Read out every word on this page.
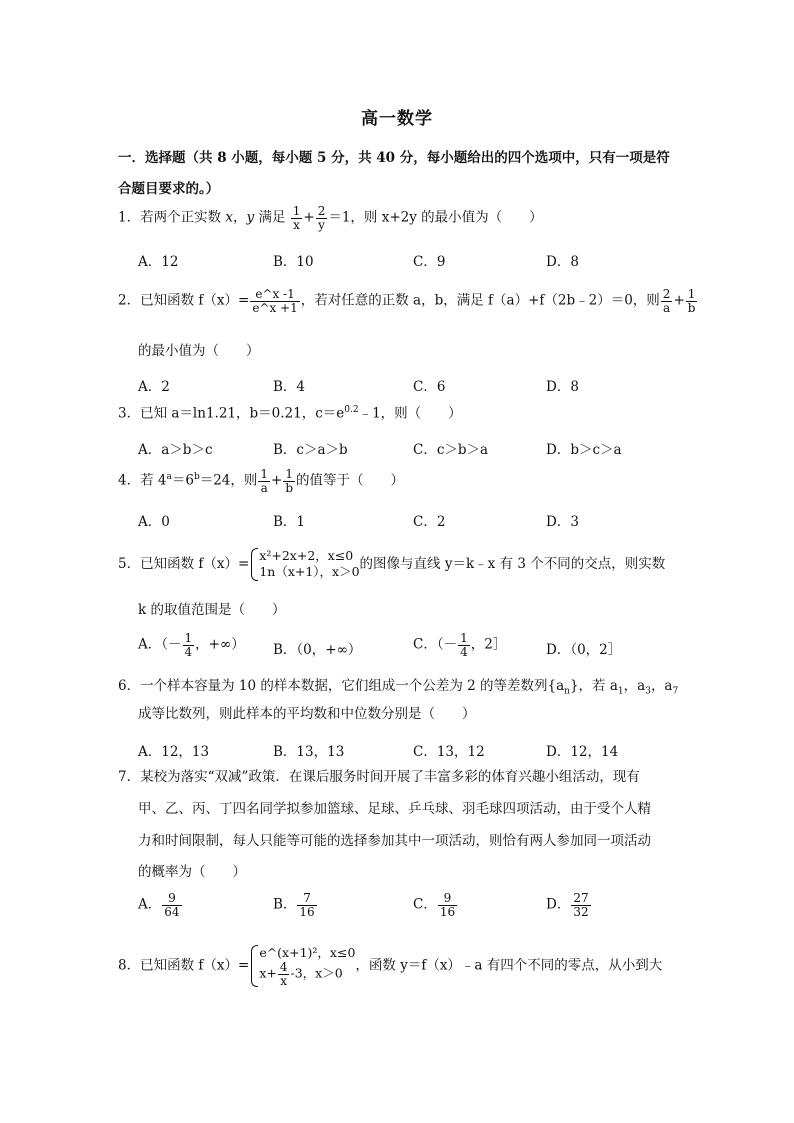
高一数学
一．选择题（共 8 小题，每小题 5 分，共 40 分，每小题给出的四个选项中，只有一项是符
合题目要求的。）
1．若两个正实数 x，y 满足 $\frac{1}{x} + \frac{2}{y} =1$，则 x+2y 的最小值为（　　）
A．12	B．10	C．9	D．8
2．已知函数 $f(x)= \frac{e\^{}x -1}{e\^{}x +1}$ ，若对任意的正数 a，b，满足 f（a）+f（2b﹣2）＝0，则 $\frac{2}{a} + \frac{1}{b}$
的最小值为（　　）
A．2	B．4	C．6	D．8
3．已知 a＝ln1.21，b＝0.21，$c=e^{0.2}﹣1$，则（　　）
A．a＞b＞c	B．c＞a＞b	C．c＞b＞a	D．b＞c＞a
4．若 $4^a=6^b=24$，则 $\frac{1}{a} + \frac{1}{b}$ 的值等于（　　）
A．0	B．1	C．2	D．3
5．已知函数 f（x）=
x²+2x+2，x≤0
1n（x+1），x＞0 的图像与直线 y＝k﹣x 有 3 个不同的交点，则实数
k 的取值范围是（　　）
A．（－ $\frac{1}{4}$ ，+∞） B．（0，+∞）	C．（－ $\frac{1}{4}$ ，2］	D．（0，2］
6．一个样本容量为 10 的样本数据，它们组成一个公差为 2 的等差数列$\{a_n\}$，若 $a_1$，$a_3$，$a_7$
成等比数列，则此样本的平均数和中位数分别是（　　）
A．12，13	B．13，13	C．13，12	D．12，14
7．某校为落实“双减”政策．在课后服务时间开展了丰富多彩的体育兴趣小组活动，现有
甲、乙、丙、丁四名同学拟参加篮球、足球、乒乓球、羽毛球四项活动，由于受个人精
力和时间限制，每人只能等可能的选择参加其中一项活动，则恰有两人参加同一项活动
的概率为（　　）
A． $\frac{9}{64}$	B． $\frac{7}{16}$	C． $\frac{9}{16}$	D． $\frac{27}{32}$
8．已知函数 f（x）=
e^(x+1)²，x≤0
$x+ \frac{4}{x} -3$，x＞0 ，函数 y＝f（x）﹣a 有四个不同的零点，从小到大
